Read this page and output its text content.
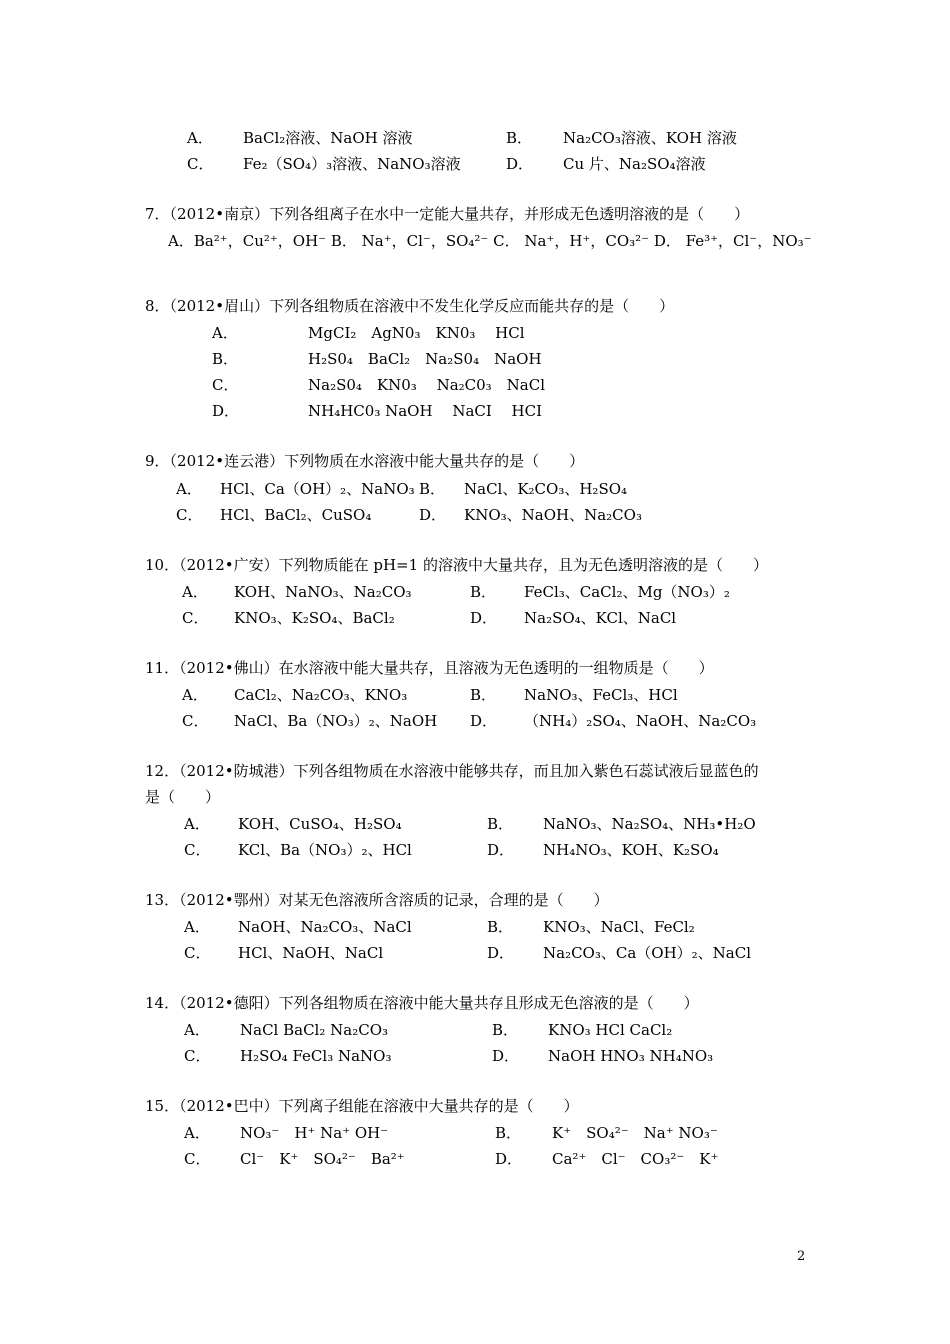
A． BaCl₂溶液、NaOH 溶液	B． Na₂CO₃溶液、KOH 溶液
C． Fe₂（SO₄）₃溶液、NaNO₃溶液	D． Cu 片、Na₂SO₄溶液
7．（2012•南京）下列各组离子在水中一定能大量共存，并形成无色透明溶液的是（　　）
A．Ba²⁺，Cu²⁺，OH⁻ B． Na⁺，Cl⁻，SO₄²⁻ C． Na⁺，H⁺，CO₃²⁻ D． Fe³⁺，Cl⁻，NO₃⁻
8．（2012•眉山）下列各组物质在溶液中不发生化学反应而能共存的是（　　）
A．	MgCI₂　AgN0₃　KN0₃　 HCl
B．	H₂S0₄　BaCl₂　Na₂S0₄　NaOH
C．	Na₂S0₄　KN0₃　 Na₂C0₃　NaCl
D．	NH₄HC0₃ NaOH　 NaCI　 HCI
9．（2012•连云港）下列物质在水溶液中能大量共存的是（　　）
A． HCl、Ca（OH）₂、NaNO₃ B． NaCl、K₂CO₃、H₂SO₄
C． HCl、BaCl₂、CuSO₄	D． KNO₃、NaOH、Na₂CO₃
10．（2012•广安）下列物质能在 pH=1 的溶液中大量共存，且为无色透明溶液的是（　　）
A． KOH、NaNO₃、Na₂CO₃	B． FeCl₃、CaCl₂、Mg（NO₃）₂
C． KNO₃、K₂SO₄、BaCl₂	D． Na₂SO₄、KCl、NaCl
11．（2012•佛山）在水溶液中能大量共存，且溶液为无色透明的一组物质是（　　）
A． CaCl₂、Na₂CO₃、KNO₃	B． NaNO₃、FeCl₃、HCl
C． NaCl、Ba（NO₃）₂、NaOH D． （NH₄）₂SO₄、NaOH、Na₂CO₃
12．（2012•防城港）下列各组物质在水溶液中能够共存，而且加入紫色石蕊试液后显蓝色的
是（　　）
A． KOH、CuSO₄、H₂SO₄	B． NaNO₃、Na₂SO₄、NH₃•H₂O
C． KCl、Ba（NO₃）₂、HCl	D． NH₄NO₃、KOH、K₂SO₄
13．（2012•鄂州）对某无色溶液所含溶质的记录，合理的是（　　）
A． NaOH、Na₂CO₃、NaCl	B． KNO₃、NaCl、FeCl₂
C． HCl、NaOH、NaCl	D． Na₂CO₃、Ca（OH）₂、NaCl
14．（2012•德阳）下列各组物质在溶液中能大量共存且形成无色溶液的是（　　）
A． NaCl BaCl₂ Na₂CO₃	B． KNO₃ HCl CaCl₂
C． H₂SO₄ FeCl₃ NaNO₃	D． NaOH HNO₃ NH₄NO₃
15．（2012•巴中）下列离子组能在溶液中大量共存的是（　　）
A． NO₃⁻　H⁺ Na⁺ OH⁻	B． K⁺　SO₄²⁻　Na⁺ NO₃⁻
C． Cl⁻　K⁺　SO₄²⁻　Ba²⁺	D． Ca²⁺　Cl⁻　CO₃²⁻　K⁺
2
